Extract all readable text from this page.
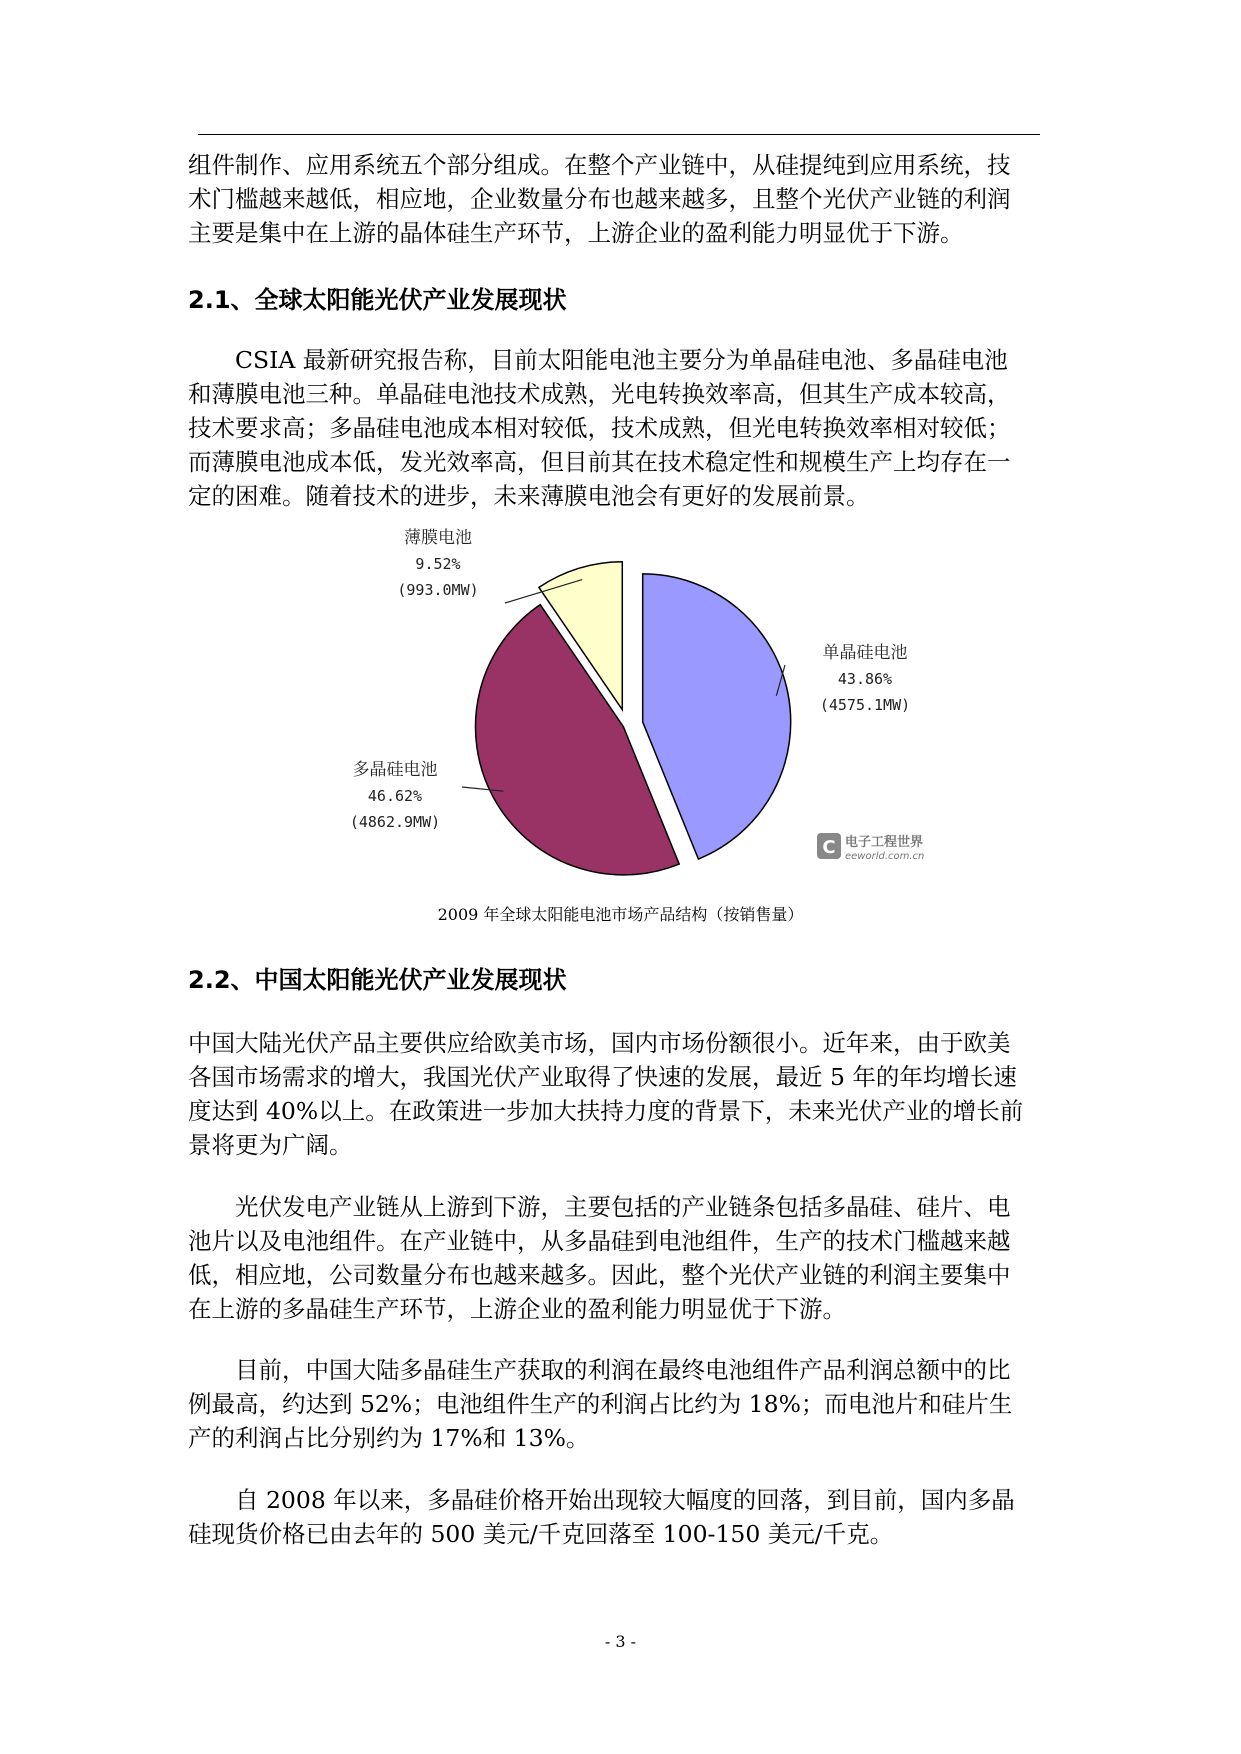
组件制作、应用系统五个部分组成。在整个产业链中，从硅提纯到应用系统，技
术门槛越来越低，相应地，企业数量分布也越来越多，且整个光伏产业链的利润
主要是集中在上游的晶体硅生产环节，上游企业的盈利能力明显优于下游。

2.1、全球太阳能光伏产业发展现状

CSIA 最新研究报告称，目前太阳能电池主要分为单晶硅电池、多晶硅电池
和薄膜电池三种。单晶硅电池技术成熟，光电转换效率高，但其生产成本较高，
技术要求高；多晶硅电池成本相对较低，技术成熟，但光电转换效率相对较低；
而薄膜电池成本低，发光效率高，但目前其在技术稳定性和规模生产上均存在一
定的困难。随着技术的进步，未来薄膜电池会有更好的发展前景。

薄膜电池
9.52%
(993.0MW)
单晶硅电池
43.86%
(4575.1MW)
多晶硅电池
46.62%
(4862.9MW)
C 电子工程世界
eeworld.com.cn

2009 年全球太阳能电池市场产品结构（按销售量）

2.2、中国太阳能光伏产业发展现状

中国大陆光伏产品主要供应给欧美市场，国内市场份额很小。近年来，由于欧美
各国市场需求的增大，我国光伏产业取得了快速的发展，最近 5 年的年均增长速
度达到 40%以上。在政策进一步加大扶持力度的背景下，未来光伏产业的增长前
景将更为广阔。

光伏发电产业链从上游到下游，主要包括的产业链条包括多晶硅、硅片、电
池片以及电池组件。在产业链中，从多晶硅到电池组件，生产的技术门槛越来越
低，相应地，公司数量分布也越来越多。因此，整个光伏产业链的利润主要集中
在上游的多晶硅生产环节，上游企业的盈利能力明显优于下游。

目前，中国大陆多晶硅生产获取的利润在最终电池组件产品利润总额中的比
例最高，约达到 52%；电池组件生产的利润占比约为 18%；而电池片和硅片生
产的利润占比分别约为 17%和 13%。

自 2008 年以来，多晶硅价格开始出现较大幅度的回落，到目前，国内多晶
硅现货价格已由去年的 500 美元/千克回落至 100-150 美元/千克。

- 3 -
